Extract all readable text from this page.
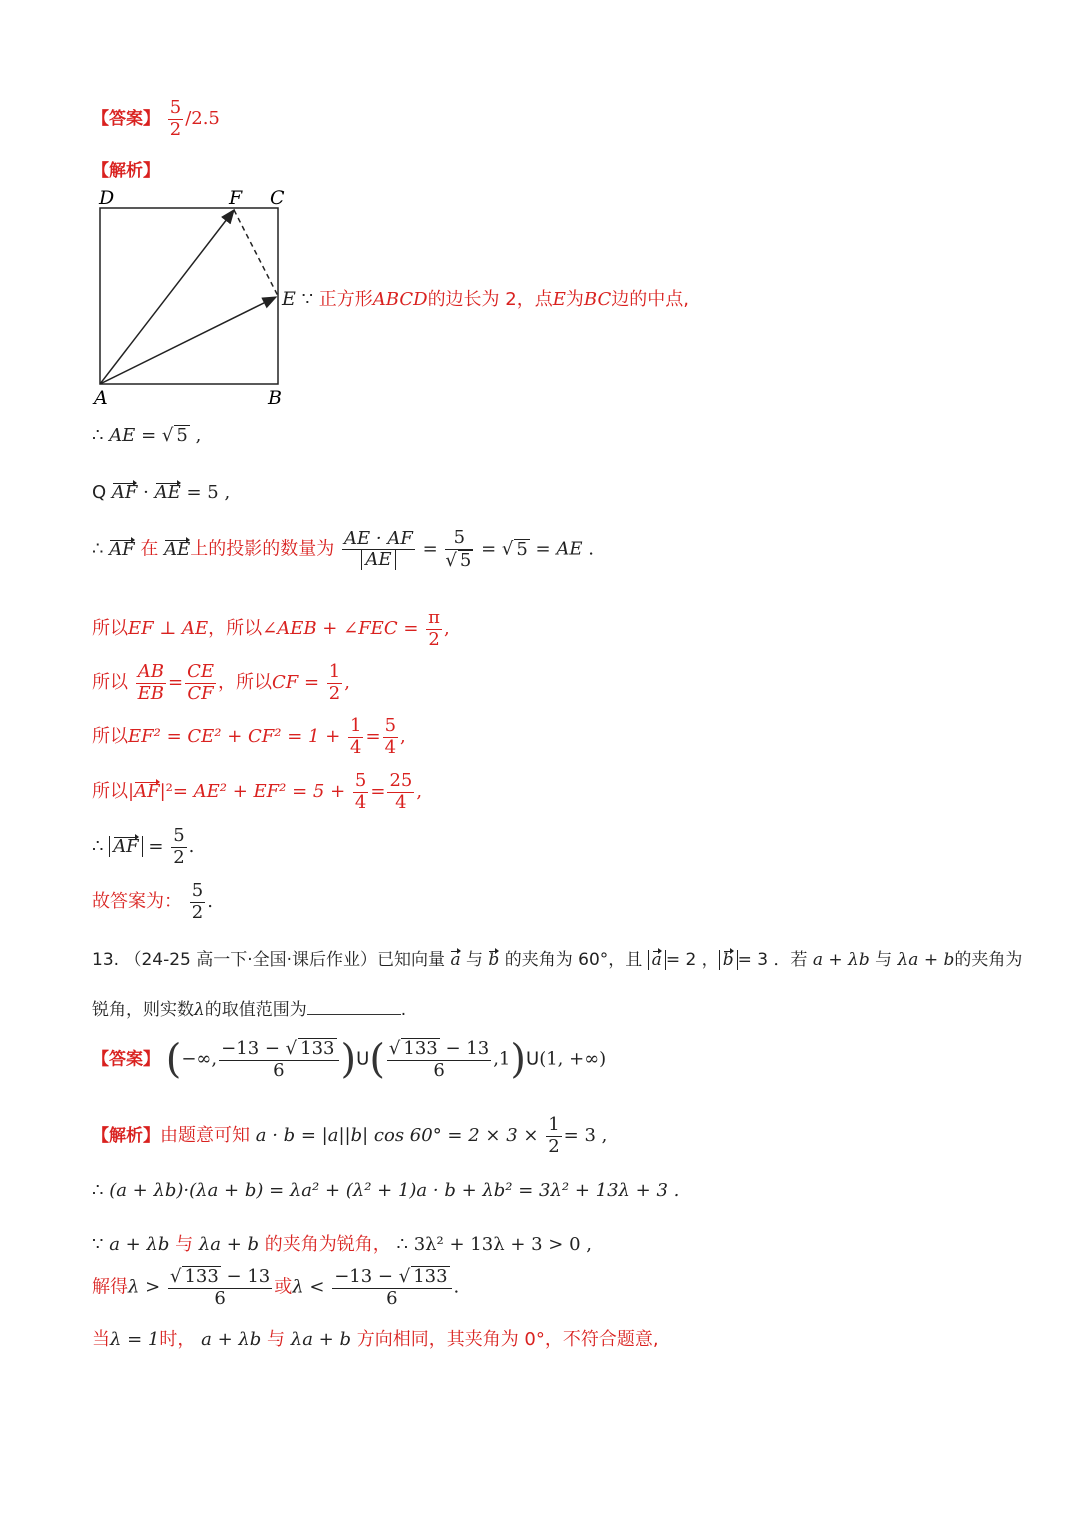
【答案】 $\frac{5}{2} /2.5$
【解析】
D	F C
A	B
E ∵ 正方形ABCD的边长为 2，点E为BC边的中点,
∴ AE = √ 5 ,
Q AF · AE = 5 ,
∴ AF 在 AE上的投影的数量为 $\frac{AE \cdot AF}{AE} = \frac{5}{√ 5}$ = √ 5 = AE .
所以EF ⊥ AE，所以∠AEB + ∠FEC = $\frac{\pi}{2}$ ,
所以 $\frac{AB}{EB} = \frac{CE}{CF}$ ，所以CF = $\frac{1}{2}$ ,
所以$EF^2 = CE^2 + CF^2 = 1 + \frac{1}{4} = \frac{5}{4}$ ,
所以$|AF|^2= AE^2 + EF^2 = 5 + \frac{5}{4} = \frac{25}{4}$ ,
∴ AF = $\frac{5}{2}$ .
故答案为： $\frac{5}{2}$ .
13. （24-25 高一下·全国·课后作业）已知向量 a 与 b 的夹角为 60°，且 a = 2 ， b = 3 ．若 a + λb 与 λa + b的夹角为
锐角，则实数λ的取值范围为	.
【答案】 (−∞, $\frac{-13 - √ 133}{6} )U( \frac{√ 133 - 13}{6} ,1)U(1$, +∞)
【解析】由题意可知 a · b = |a||b| $\cos 60^\circ = 2 \times 3 \times \frac{1}{2} = 3$ ,
∴ (a + λb)·(λa + b) = λa² + (λ² + 1)a · b + λb² = 3λ² + 13λ + 3 .
∵ a + λb 与 λa + b 的夹角为锐角， ∴ 3λ² + 13λ + 3 > 0 ,
解得$\lambda > \frac{√ 133 - 13}{6}$ 或$\lambda < \frac{-13 - √ 133}{6}$ .
当λ = 1时， a + λb 与 λa + b 方向相同，其夹角为 0°，不符合题意,
